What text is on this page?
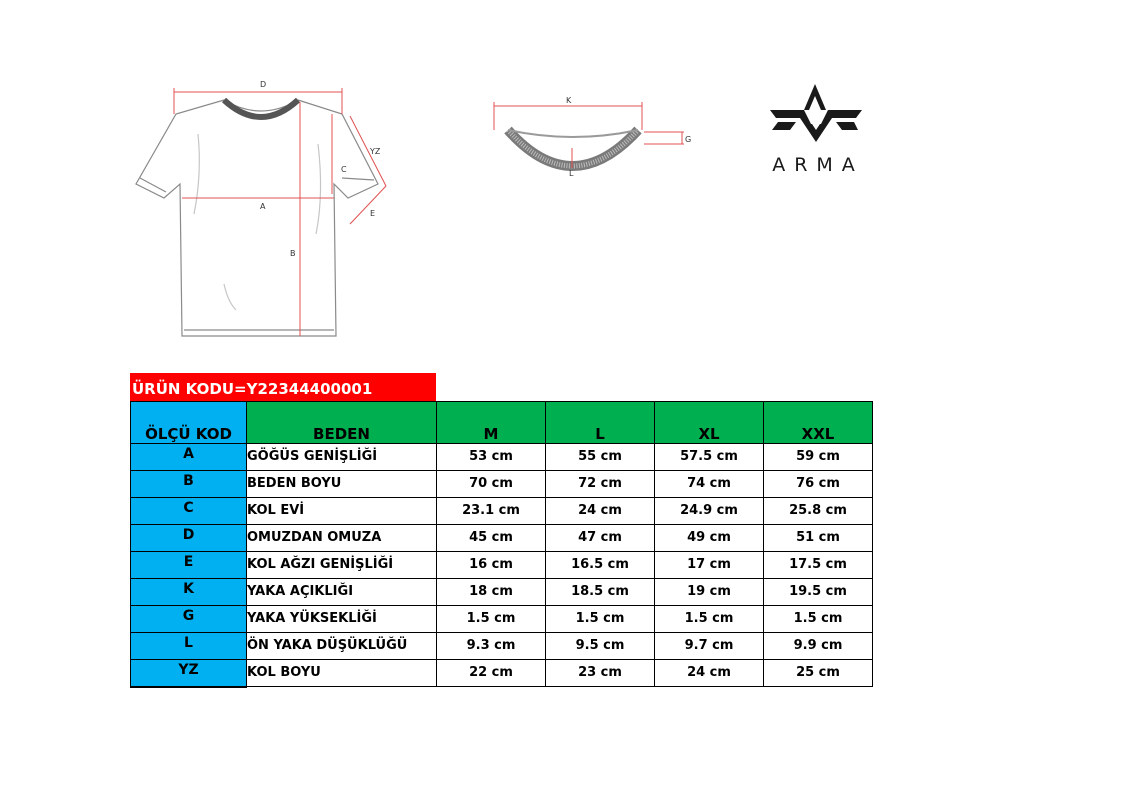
D
YZ
C
A
E
B
K
G
L	ARMA
ÜRÜN KODU=Y22344400001
ÖLÇÜ KOD	BEDEN	M	L	XL	XXL
A	GÖĞÜS GENİŞLİĞİ	53 cm	55 cm	57.5 cm	59 cm
B	BEDEN BOYU	70 cm	72 cm	74 cm	76 cm
C	KOL EVİ	23.1 cm	24 cm	24.9 cm	25.8 cm
D	OMUZDAN OMUZA	45 cm	47 cm	49 cm	51 cm
E	KOL AĞZI GENİŞLİĞİ	16 cm	16.5 cm	17 cm	17.5 cm
K	YAKA AÇIKLIĞI	18 cm	18.5 cm	19 cm	19.5 cm
G	YAKA YÜKSEKLİĞİ	1.5 cm	1.5 cm	1.5 cm	1.5 cm
L	ÖN YAKA DÜŞÜKLÜĞÜ	9.3 cm	9.5 cm	9.7 cm	9.9 cm
YZ	KOL BOYU	22 cm	23 cm	24 cm	25 cm
